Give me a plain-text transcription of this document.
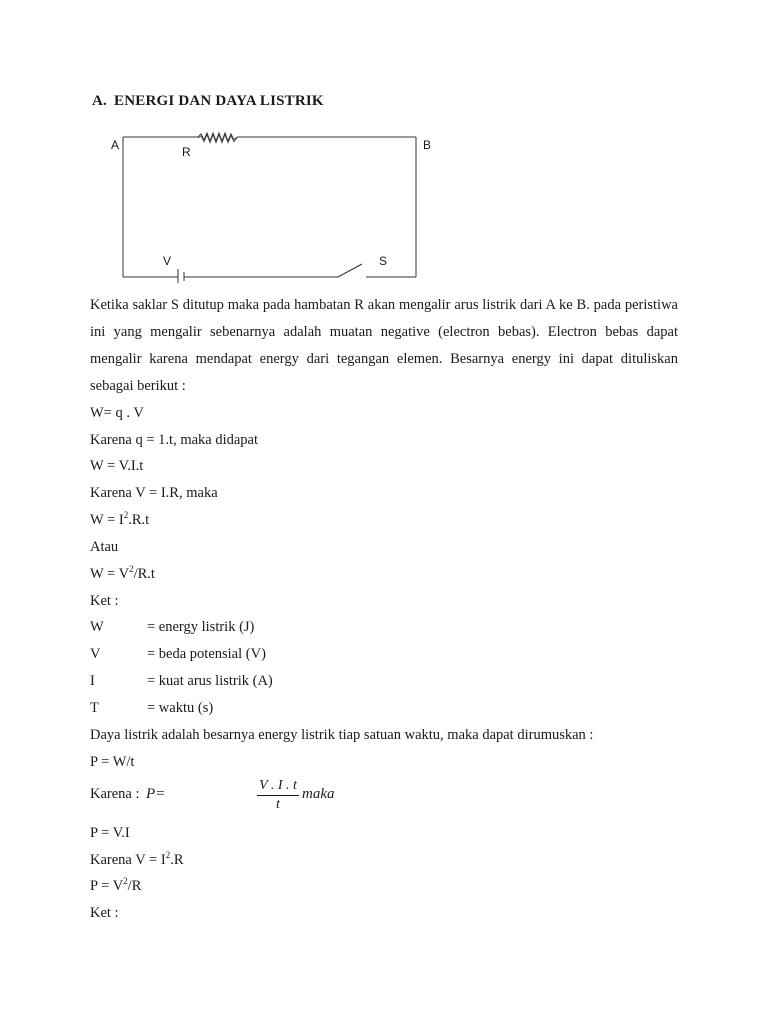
A. ENERGI DAN DAYA LISTRIK
A	R	B
V	S

Ketika saklar S ditutup maka pada hambatan R akan mengalir arus listrik dari A ke B. pada peristiwa ini yang mengalir sebenarnya adalah muatan negative (electron bebas). Electron bebas dapat mengalir karena mendapat energy dari tegangan elemen. Besarnya energy ini dapat dituliskan sebagai berikut :

W= q . V
Karena q = 1.t, maka didapat
W = V.I.t
Karena V = I.R, maka
$W = I^2.R.t$
Atau
$W = V^2/R.t$
Ket :
W	= energy listrik (J)
V	= beda potensial (V)
I	= kuat arus listrik (A)
T	= waktu (s)
Daya listrik adalah besarnya energy listrik tiap satuan waktu, maka dapat dirumuskan :
P = W/t
Karena : P=	$\frac{V . I . t}{t}$ maka
P = V.I
Karena $V = I^2.R$
$P = V^2/R$
Ket :
